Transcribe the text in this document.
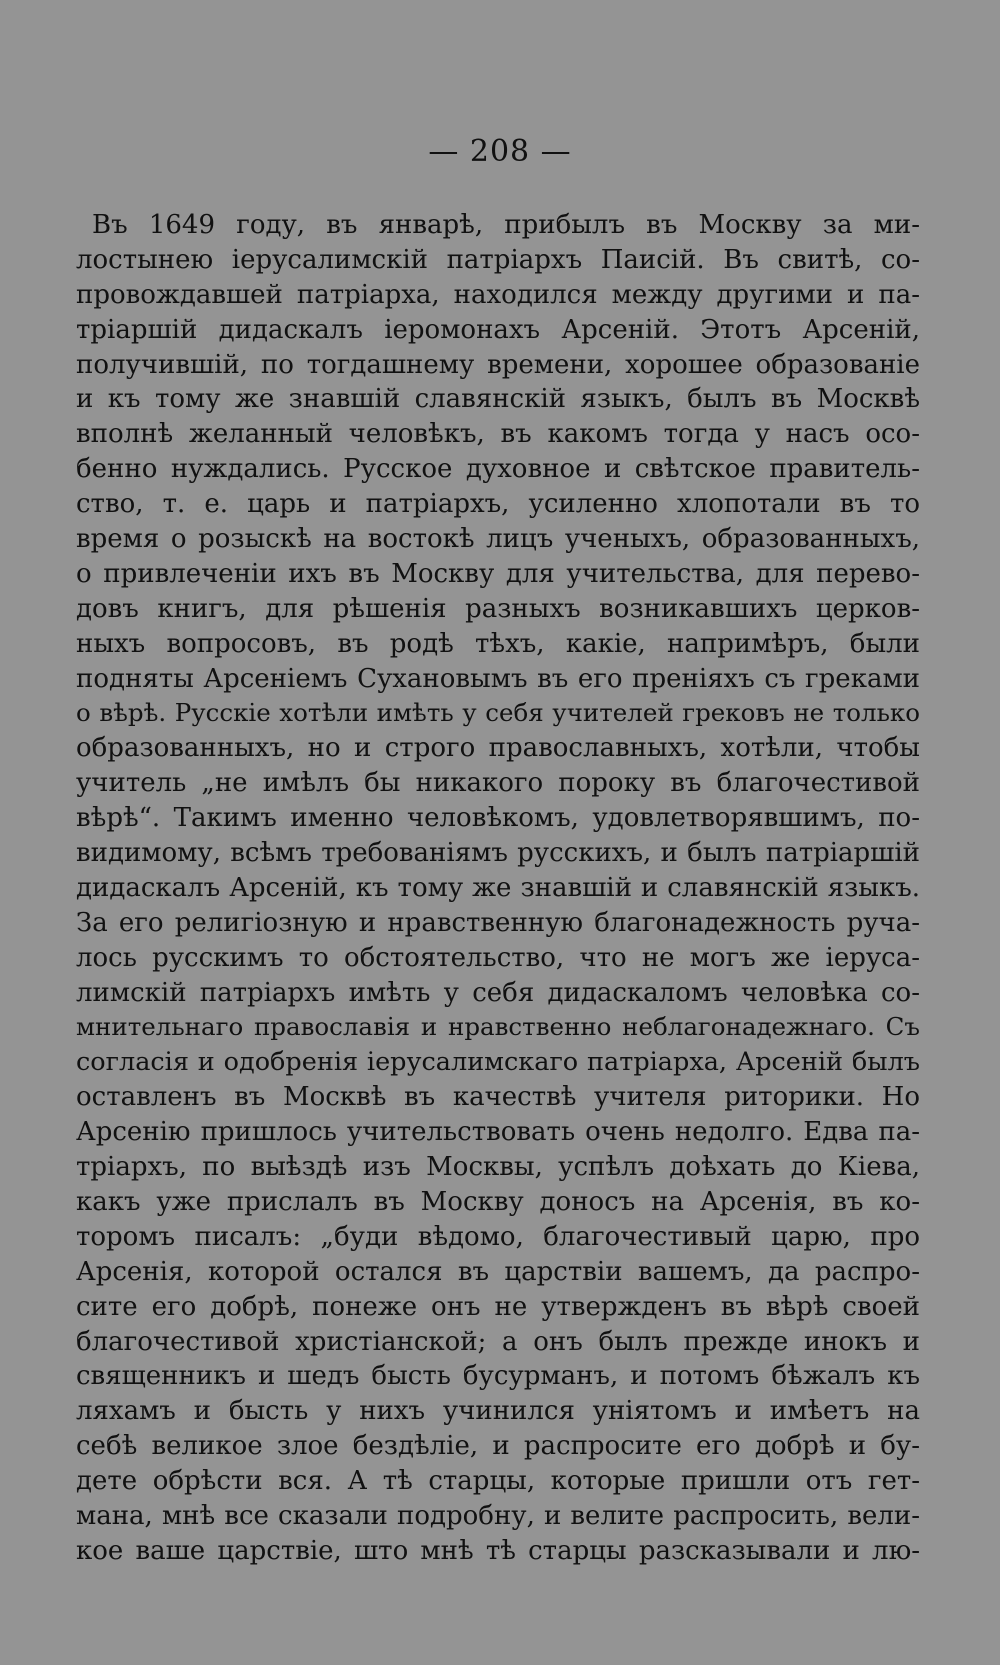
— 208 —
Въ 1649 году, въ январѣ, прибылъ въ Москву за ми-
лостынею іерусалимскій патріархъ Паисій. Въ свитѣ, со-
провождавшей патріарха, находился между другими и па-
тріаршій дидаскалъ іеромонахъ Арсеній. Этотъ Арсеній,
получившій, по тогдашнему времени, хорошее образованіе
и къ тому же знавшій славянскій языкъ, былъ въ Москвѣ
вполнѣ желанный человѣкъ, въ какомъ тогда у насъ осо-
бенно нуждались. Русское духовное и свѣтское правитель-
ство, т. е. царь и патріархъ, усиленно хлопотали въ то
время о розыскѣ на востокѣ лицъ ученыхъ, образованныхъ,
о привлеченіи ихъ въ Москву для учительства, для перево-
довъ книгъ, для рѣшенія разныхъ возникавшихъ церков-
ныхъ вопросовъ, въ родѣ тѣхъ, какіе, напримѣръ, были
подняты Арсеніемъ Сухановымъ въ его преніяхъ съ греками
о вѣрѣ. Русскіе хотѣли имѣть у себя учителей грековъ не только
образованныхъ, но и строго православныхъ, хотѣли, чтобы
учитель „не имѣлъ бы никакого пороку въ благочестивой
вѣрѣ“. Такимъ именно человѣкомъ, удовлетворявшимъ, по-
видимому, всѣмъ требованіямъ русскихъ, и былъ патріаршій
дидаскалъ Арсеній, къ тому же знавшій и славянскій языкъ.
За его религіозную и нравственную благонадежность руча-
лось русскимъ то обстоятельство, что не могъ же іеруса-
лимскій патріархъ имѣть у себя дидаскаломъ человѣка со-
мнительнаго православія и нравственно неблагонадежнаго. Съ
согласія и одобренія іерусалимскаго патріарха, Арсеній былъ
оставленъ въ Москвѣ въ качествѣ учителя риторики. Но
Арсенію пришлось учительствовать очень недолго. Едва па-
тріархъ, по выѣздѣ изъ Москвы, успѣлъ доѣхать до Кіева,
какъ уже прислалъ въ Москву доносъ на Арсенія, въ ко-
торомъ писалъ: „буди вѣдомо, благочестивый царю, про
Арсенія, которой остался въ царствіи вашемъ, да распро-
сите его добрѣ, понеже онъ не утвержденъ въ вѣрѣ своей
благочестивой христіанской; а онъ былъ прежде инокъ и
священникъ и шедъ бысть бусурманъ, и потомъ бѣжалъ къ
ляхамъ и бысть у нихъ учинился уніятомъ и имѣетъ на
себѣ великое злое бездѣліе, и распросите его добрѣ и бу-
дете обрѣсти вся. А тѣ старцы, которые пришли отъ гет-
мана, мнѣ все сказали подробну, и велите распросить, вели-
кое ваше царствіе, што мнѣ тѣ старцы разсказывали и лю-
